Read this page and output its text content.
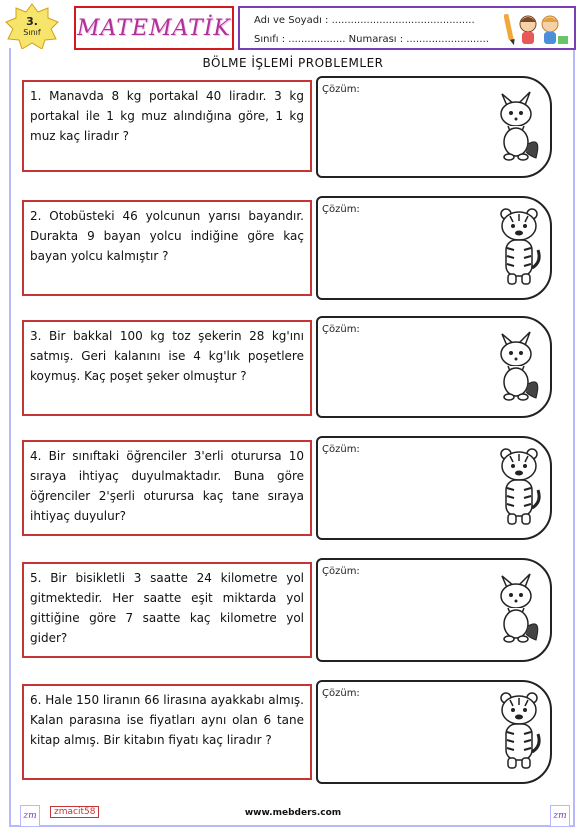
3.
Sınıf	MATEMATİK Adı ve Soyadı : .............................................
Sınıfı : .................. Numarası : ..........................
BÖLME İŞLEMİ PROBLEMLER
1. Manavda 8 kg portakal 40 liradır. 3 kg portakal ile 1 kg muz alındığına göre, 1 kg muz kaç liradır ?
Çözüm:
2. Otobüsteki 46 yolcunun yarısı bayandır. Durakta 9 bayan yolcu indiğine göre kaç bayan yolcu kalmıştır ?
Çözüm:
3. Bir bakkal 100 kg toz şekerin 28 kg'ını satmış. Geri kalanını ise 4 kg'lık poşetlere koymuş. Kaç poşet şeker olmuştur ?
Çözüm:
4. Bir sınıftaki öğrenciler 3'erli oturursa 10 sıraya ihtiyaç duyulmaktadır. Buna göre öğrenciler 2'şerli oturursa kaç tane sıraya ihtiyaç duyulur?
Çözüm:
5. Bir bisikletli 3 saatte 24 kilometre yol gitmektedir. Her saatte eşit miktarda yol gittiğine göre 7 saatte kaç kilometre yol gider?
Çözüm:
6. Hale 150 liranın 66 lirasına ayakkabı almış. Kalan parasına ise fiyatları aynı olan 6 tane kitap almış. Bir kitabın fiyatı kaç liradır ?
Çözüm:
zm	zmacit58	www.mebders.com	zm
